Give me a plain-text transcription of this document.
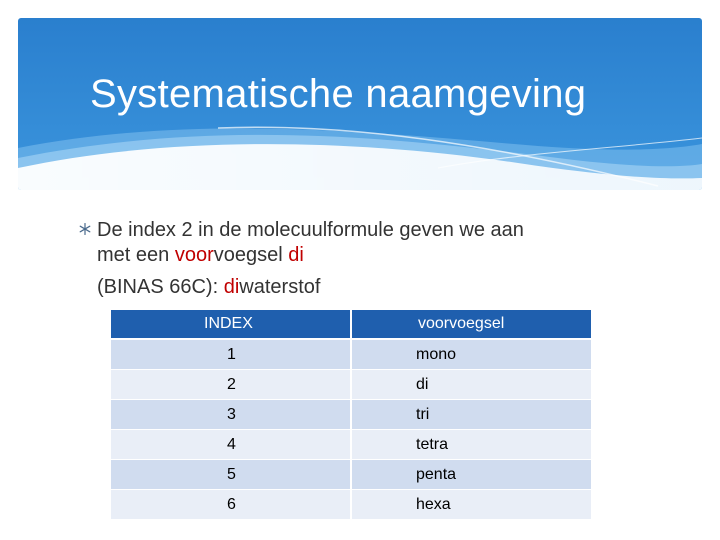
Systematische naamgeving
De index 2 in de molecuulformule geven we aan
met een voorvoegsel di
(BINAS 66C): diwaterstof
INDEX	voorvoegsel
1	mono
2	di
3	tri
4	tetra
5	penta
6	hexa
